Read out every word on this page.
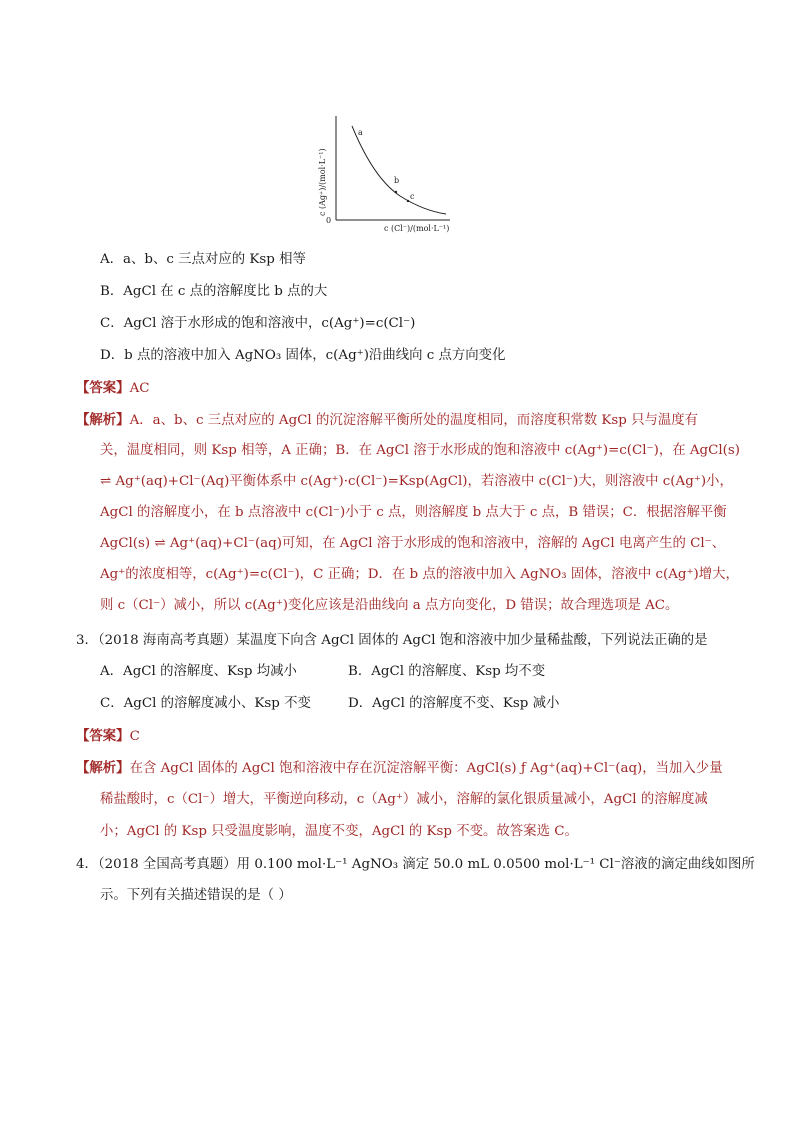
c (Ag⁺)/(mol·L⁻¹)
c (Cl⁻)/(mol·L⁻¹)
0
a
b
c
A．a、b、c 三点对应的 Ksp 相等
B．AgCl 在 c 点的溶解度比 b 点的大
C．AgCl 溶于水形成的饱和溶液中，c(Ag⁺)=c(Cl⁻)
D．b 点的溶液中加入 AgNO₃ 固体，c(Ag⁺)沿曲线向 c 点方向变化
【答案】AC
【解析】A．a、b、c 三点对应的 AgCl 的沉淀溶解平衡所处的温度相同，而溶度积常数 Ksp 只与温度有
关，温度相同，则 Ksp 相等，A 正确；B．在 AgCl 溶于水形成的饱和溶液中 c(Ag⁺)=c(Cl⁻)，在 AgCl(s)
⇌ Ag⁺(aq)+Cl⁻(Aq)平衡体系中 c(Ag⁺)·c(Cl⁻)=Ksp(AgCl)，若溶液中 c(Cl⁻)大，则溶液中 c(Ag⁺)小，
AgCl 的溶解度小，在 b 点溶液中 c(Cl⁻)小于 c 点，则溶解度 b 点大于 c 点，B 错误；C．根据溶解平衡
AgCl(s) ⇌ Ag⁺(aq)+Cl⁻(aq)可知，在 AgCl 溶于水形成的饱和溶液中，溶解的 AgCl 电离产生的 Cl⁻、
Ag⁺的浓度相等，c(Ag⁺)=c(Cl⁻)，C 正确；D．在 b 点的溶液中加入 AgNO₃ 固体，溶液中 c(Ag⁺)增大，
则 c（Cl⁻）减小，所以 c(Ag⁺)变化应该是沿曲线向 a 点方向变化，D 错误；故合理选项是 AC。
3．（2018 海南高考真题）某温度下向含 AgCl 固体的 AgCl 饱和溶液中加少量稀盐酸，下列说法正确的是
A．AgCl 的溶解度、Ksp 均减小	B．AgCl 的溶解度、Ksp 均不变
C．AgCl 的溶解度减小、Ksp 不变	D．AgCl 的溶解度不变、Ksp 减小
【答案】C
【解析】在含 AgCl 固体的 AgCl 饱和溶液中存在沉淀溶解平衡：AgCl(s) ƒ Ag⁺(aq)+Cl⁻(aq)，当加入少量
稀盐酸时，c（Cl⁻）增大，平衡逆向移动，c（Ag⁺）减小，溶解的氯化银质量减小，AgCl 的溶解度减
小；AgCl 的 Ksp 只受温度影响，温度不变，AgCl 的 Ksp 不变。故答案选 C。
4．（2018 全国高考真题）用 0.100 mol·L⁻¹ AgNO₃ 滴定 50.0 mL 0.0500 mol·L⁻¹ Cl⁻溶液的滴定曲线如图所
示。下列有关描述错误的是（ ）
